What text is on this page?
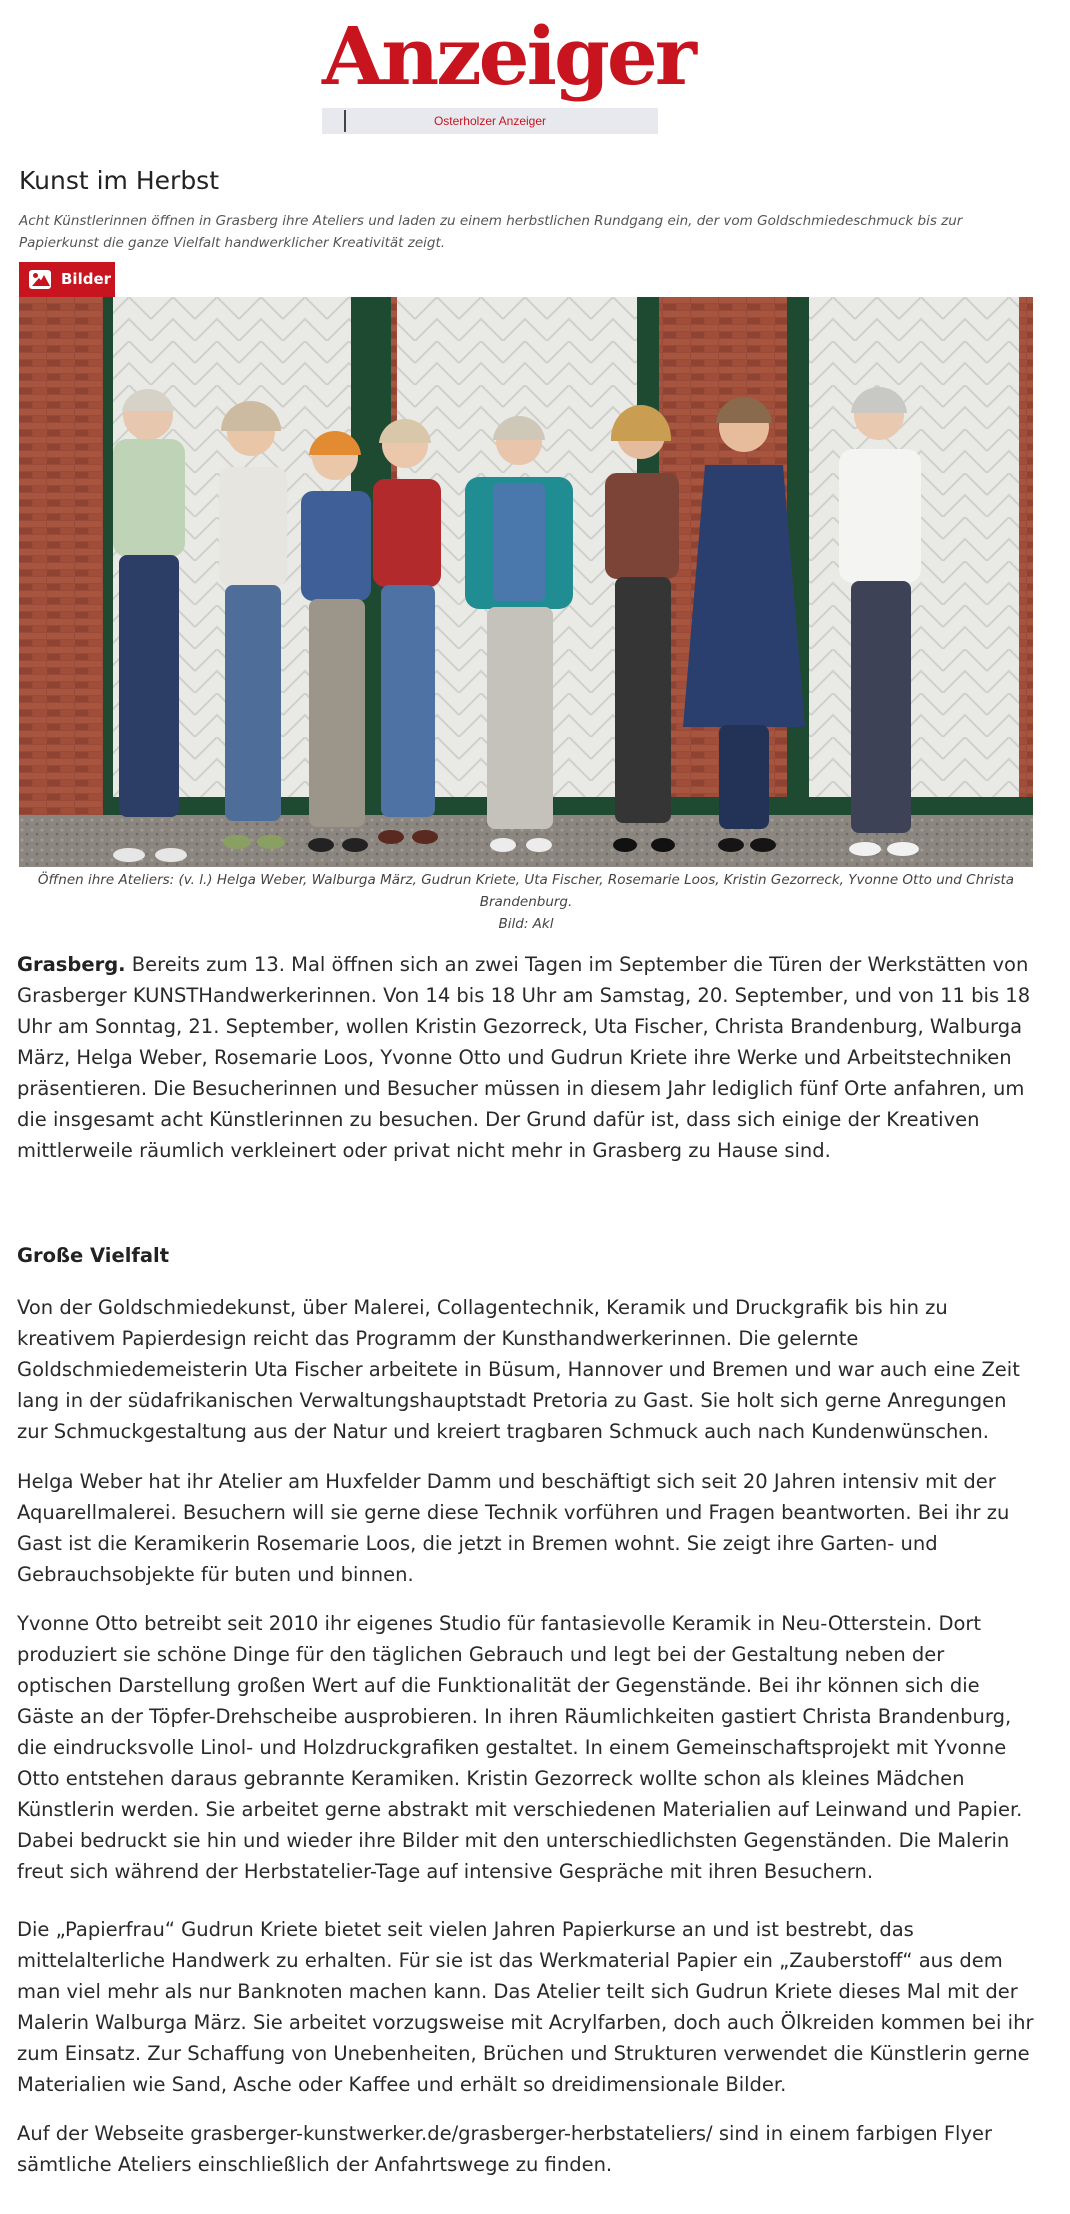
Anzeiger
Osterholzer Anzeiger
Kunst im Herbst

Acht Künstlerinnen öffnen in Grasberg ihre Ateliers und laden zu einem herbstlichen Rundgang ein, der vom Goldschmiedeschmuck bis zur Papierkunst die ganze Vielfalt handwerklicher Kreativität zeigt.

Bilder
Öffnen ihre Ateliers: (v. l.) Helga Weber, Walburga März, Gudrun Kriete, Uta Fischer, Rosemarie Loos, Kristin Gezorreck, Yvonne Otto und Christa Brandenburg.
Bild: Akl

Grasberg. Bereits zum 13. Mal öffnen sich an zwei Tagen im September die Türen der Werkstätten von Grasberger KUNSTHandwerkerinnen. Von 14 bis 18 Uhr am Samstag, 20. September, und von 11 bis 18 Uhr am Sonntag, 21. September, wollen Kristin Gezorreck, Uta Fischer, Christa Brandenburg, Walburga März, Helga Weber, Rosemarie Loos, Yvonne Otto und Gudrun Kriete ihre Werke und Arbeitstechniken präsentieren. Die Besucherinnen und Besucher müssen in diesem Jahr lediglich fünf Orte anfahren, um die insgesamt acht Künstlerinnen zu besuchen. Der Grund dafür ist, dass sich einige der Kreativen mittlerweile räumlich verkleinert oder privat nicht mehr in Grasberg zu Hause sind.

Große Vielfalt

Von der Goldschmiedekunst, über Malerei, Collagentechnik, Keramik und Druckgrafik bis hin zu kreativem Papierdesign reicht das Programm der Kunsthandwerkerinnen. Die gelernte Goldschmiedemeisterin Uta Fischer arbeitete in Büsum, Hannover und Bremen und war auch eine Zeit lang in der südafrikanischen Verwaltungshauptstadt Pretoria zu Gast. Sie holt sich gerne Anregungen zur Schmuckgestaltung aus der Natur und kreiert tragbaren Schmuck auch nach Kundenwünschen.

Helga Weber hat ihr Atelier am Huxfelder Damm und beschäftigt sich seit 20 Jahren intensiv mit der Aquarellmalerei. Besuchern will sie gerne diese Technik vorführen und Fragen beantworten. Bei ihr zu Gast ist die Keramikerin Rosemarie Loos, die jetzt in Bremen wohnt. Sie zeigt ihre Garten- und Gebrauchsobjekte für buten und binnen.

Yvonne Otto betreibt seit 2010 ihr eigenes Studio für fantasievolle Keramik in Neu-Otterstein. Dort produziert sie schöne Dinge für den täglichen Gebrauch und legt bei der Gestaltung neben der optischen Darstellung großen Wert auf die Funktionalität der Gegenstände. Bei ihr können sich die Gäste an der Töpfer-Drehscheibe ausprobieren. In ihren Räumlichkeiten gastiert Christa Brandenburg, die eindrucksvolle Linol- und Holzdruckgrafiken gestaltet. In einem Gemeinschaftsprojekt mit Yvonne Otto entstehen daraus gebrannte Keramiken. Kristin Gezorreck wollte schon als kleines Mädchen Künstlerin werden. Sie arbeitet gerne abstrakt mit verschiedenen Materialien auf Leinwand und Papier. Dabei bedruckt sie hin und wieder ihre Bilder mit den unterschiedlichsten Gegenständen. Die Malerin freut sich während der Herbstatelier-Tage auf intensive Gespräche mit ihren Besuchern.

Die „Papierfrau“ Gudrun Kriete bietet seit vielen Jahren Papierkurse an und ist bestrebt, das mittelalterliche Handwerk zu erhalten. Für sie ist das Werkmaterial Papier ein „Zauberstoff“ aus dem man viel mehr als nur Banknoten machen kann. Das Atelier teilt sich Gudrun Kriete dieses Mal mit der Malerin Walburga März. Sie arbeitet vorzugsweise mit Acrylfarben, doch auch Ölkreiden kommen bei ihr zum Einsatz. Zur Schaffung von Unebenheiten, Brüchen und Strukturen verwendet die Künstlerin gerne Materialien wie Sand, Asche oder Kaffee und erhält so dreidimensionale Bilder.

Auf der Webseite grasberger-kunstwerker.de/grasberger-herbstateliers/ sind in einem farbigen Flyer sämtliche Ateliers einschließlich der Anfahrtswege zu finden.
